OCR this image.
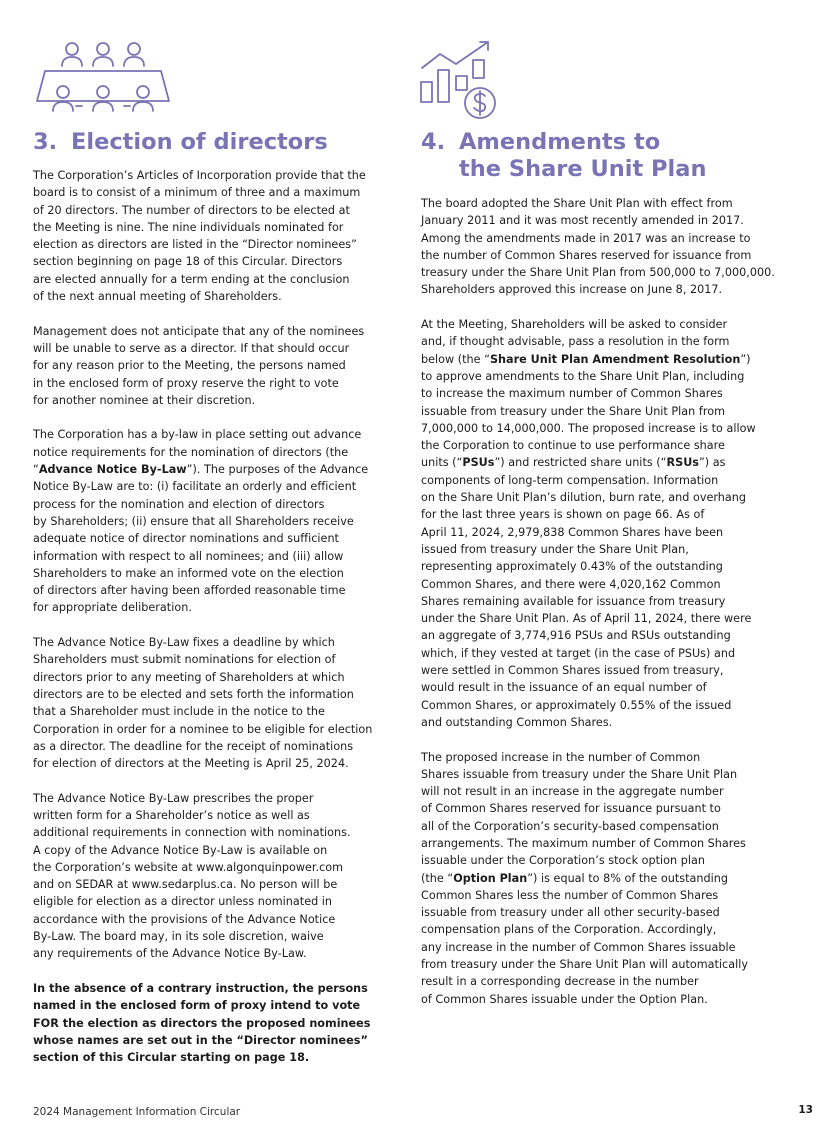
3. Election of directors	4. Amendments to
the Share Unit Plan

The Corporation’s Articles of Incorporation provide that the
board is to consist of a minimum of three and a maximum
of 20 directors. The number of directors to be elected at
the Meeting is nine. The nine individuals nominated for
election as directors are listed in the “Director nominees”
section beginning on page 18 of this Circular. Directors
are elected annually for a term ending at the conclusion
of the next annual meeting of Shareholders.

Management does not anticipate that any of the nominees
will be unable to serve as a director. If that should occur
for any reason prior to the Meeting, the persons named
in the enclosed form of proxy reserve the right to vote
for another nominee at their discretion.

The Corporation has a by-law in place setting out advance
notice requirements for the nomination of directors (the
“Advance Notice By-Law”). The purposes of the Advance
Notice By-Law are to: (i) facilitate an orderly and efficient
process for the nomination and election of directors
by Shareholders; (ii) ensure that all Shareholders receive
adequate notice of director nominations and sufficient
information with respect to all nominees; and (iii) allow
Shareholders to make an informed vote on the election
of directors after having been afforded reasonable time
for appropriate deliberation.

The Advance Notice By-Law fixes a deadline by which
Shareholders must submit nominations for election of
directors prior to any meeting of Shareholders at which
directors are to be elected and sets forth the information
that a Shareholder must include in the notice to the
Corporation in order for a nominee to be eligible for election
as a director. The deadline for the receipt of nominations
for election of directors at the Meeting is April 25, 2024.

The Advance Notice By-Law prescribes the proper
written form for a Shareholder’s notice as well as
additional requirements in connection with nominations.
A copy of the Advance Notice By-Law is available on
the Corporation’s website at www.algonquinpower.com
and on SEDAR at www.sedarplus.ca. No person will be
eligible for election as a director unless nominated in
accordance with the provisions of the Advance Notice
By-Law. The board may, in its sole discretion, waive
any requirements of the Advance Notice By-Law.

In the absence of a contrary instruction, the persons
named in the enclosed form of proxy intend to vote
FOR the election as directors the proposed nominees
whose names are set out in the “Director nominees”
section of this Circular starting on page 18.

The board adopted the Share Unit Plan with effect from
January 2011 and it was most recently amended in 2017.
Among the amendments made in 2017 was an increase to
the number of Common Shares reserved for issuance from
treasury under the Share Unit Plan from 500,000 to 7,000,000.
Shareholders approved this increase on June 8, 2017.

At the Meeting, Shareholders will be asked to consider
and, if thought advisable, pass a resolution in the form
below (the “Share Unit Plan Amendment Resolution”)
to approve amendments to the Share Unit Plan, including
to increase the maximum number of Common Shares
issuable from treasury under the Share Unit Plan from
7,000,000 to 14,000,000. The proposed increase is to allow
the Corporation to continue to use performance share
units (“PSUs”) and restricted share units (“RSUs”) as
components of long-term compensation. Information
on the Share Unit Plan’s dilution, burn rate, and overhang
for the last three years is shown on page 66. As of
April 11, 2024, 2,979,838 Common Shares have been
issued from treasury under the Share Unit Plan,
representing approximately 0.43% of the outstanding
Common Shares, and there were 4,020,162 Common
Shares remaining available for issuance from treasury
under the Share Unit Plan. As of April 11, 2024, there were
an aggregate of 3,774,916 PSUs and RSUs outstanding
which, if they vested at target (in the case of PSUs) and
were settled in Common Shares issued from treasury,
would result in the issuance of an equal number of
Common Shares, or approximately 0.55% of the issued
and outstanding Common Shares.

The proposed increase in the number of Common
Shares issuable from treasury under the Share Unit Plan
will not result in an increase in the aggregate number
of Common Shares reserved for issuance pursuant to
all of the Corporation’s security-based compensation
arrangements. The maximum number of Common Shares
issuable under the Corporation’s stock option plan
(the “Option Plan”) is equal to 8% of the outstanding
Common Shares less the number of Common Shares
issuable from treasury under all other security-based
compensation plans of the Corporation. Accordingly,
any increase in the number of Common Shares issuable
from treasury under the Share Unit Plan will automatically
result in a corresponding decrease in the number
of Common Shares issuable under the Option Plan.

2024 Management Information Circular	13
